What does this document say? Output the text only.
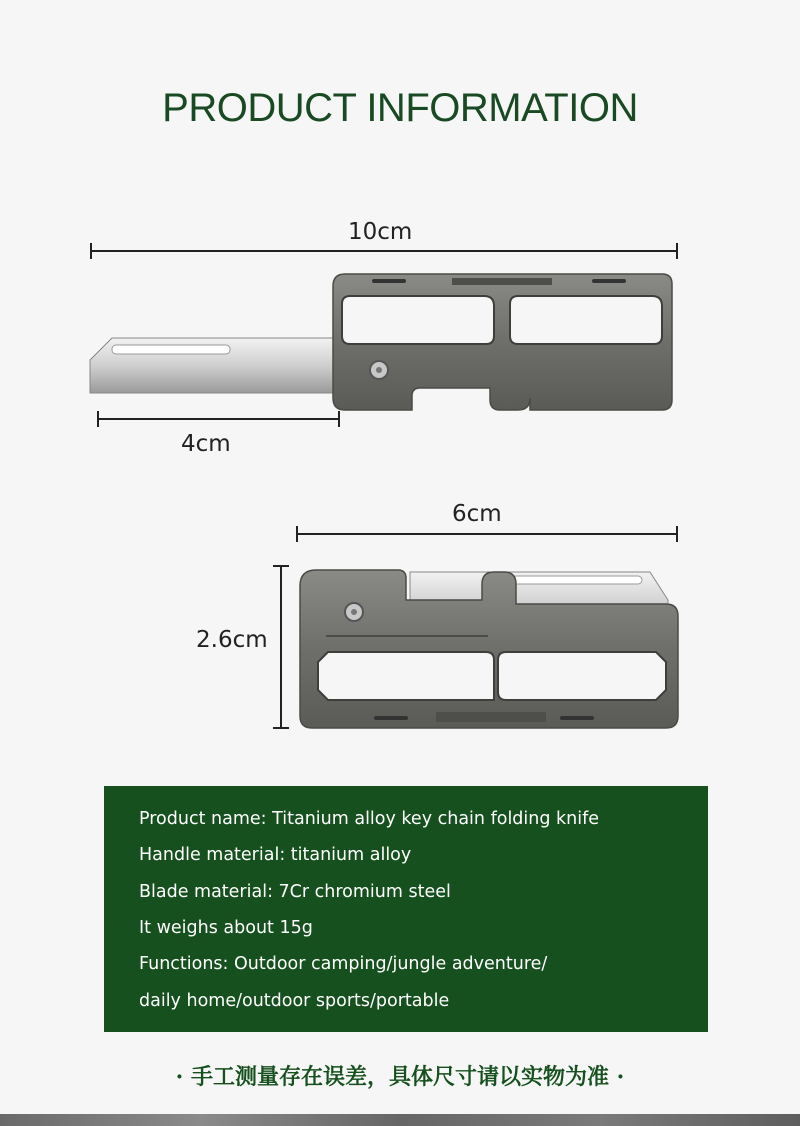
PRODUCT INFORMATION
10cm
4cm
6cm
2.6cm
Product name: Titanium alloy key chain folding knife
Handle material: titanium alloy
Blade material: 7Cr chromium steel
It weighs about 15g
Functions: Outdoor camping/jungle adventure/
daily home/outdoor sports/portable
· 手工测量存在误差，具体尺寸请以实物为准 ·
